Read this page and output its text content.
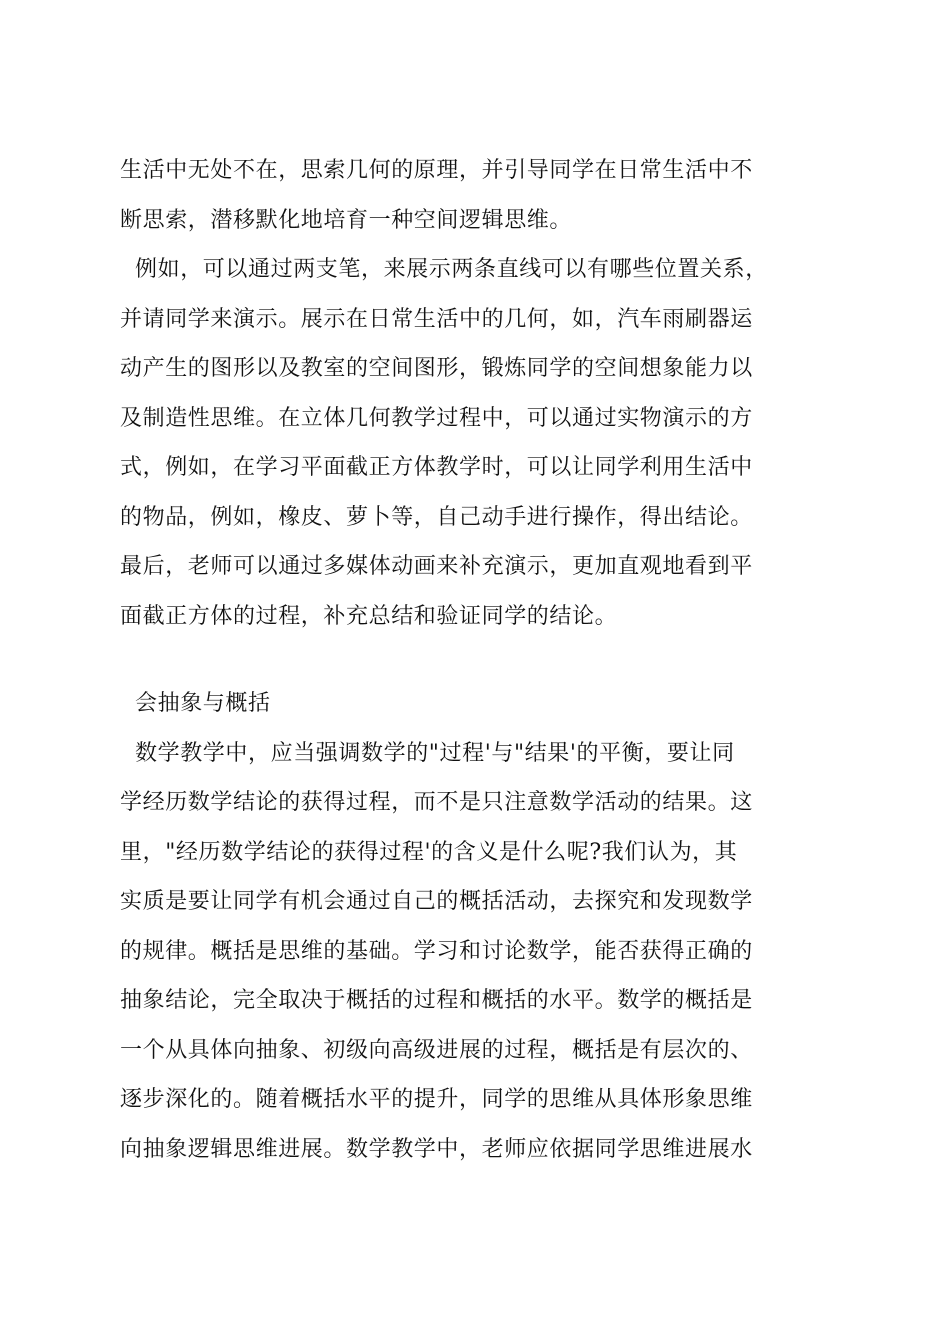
生活中无处不在，思索几何的原理，并引导同学在日常生活中不
断思索，潜移默化地培育一种空间逻辑思维。
例如，可以通过两支笔，来展示两条直线可以有哪些位置关系，
并请同学来演示。展示在日常生活中的几何，如，汽车雨刷器运
动产生的图形以及教室的空间图形，锻炼同学的空间想象能力以
及制造性思维。在立体几何教学过程中，可以通过实物演示的方
式，例如，在学习平面截正方体教学时，可以让同学利用生活中
的物品，例如，橡皮、萝卜等，自己动手进行操作，得出结论。
最后，老师可以通过多媒体动画来补充演示，更加直观地看到平
面截正方体的过程，补充总结和验证同学的结论。
会抽象与概括
数学教学中，应当强调数学的"过程'与"结果'的平衡，要让同
学经历数学结论的获得过程，而不是只注意数学活动的结果。这
里，"经历数学结论的获得过程'的含义是什么呢?我们认为，其
实质是要让同学有机会通过自己的概括活动，去探究和发现数学
的规律。概括是思维的基础。学习和讨论数学，能否获得正确的
抽象结论，完全取决于概括的过程和概括的水平。数学的概括是
一个从具体向抽象、初级向高级进展的过程，概括是有层次的、
逐步深化的。随着概括水平的提升，同学的思维从具体形象思维
向抽象逻辑思维进展。数学教学中，老师应依据同学思维进展水
